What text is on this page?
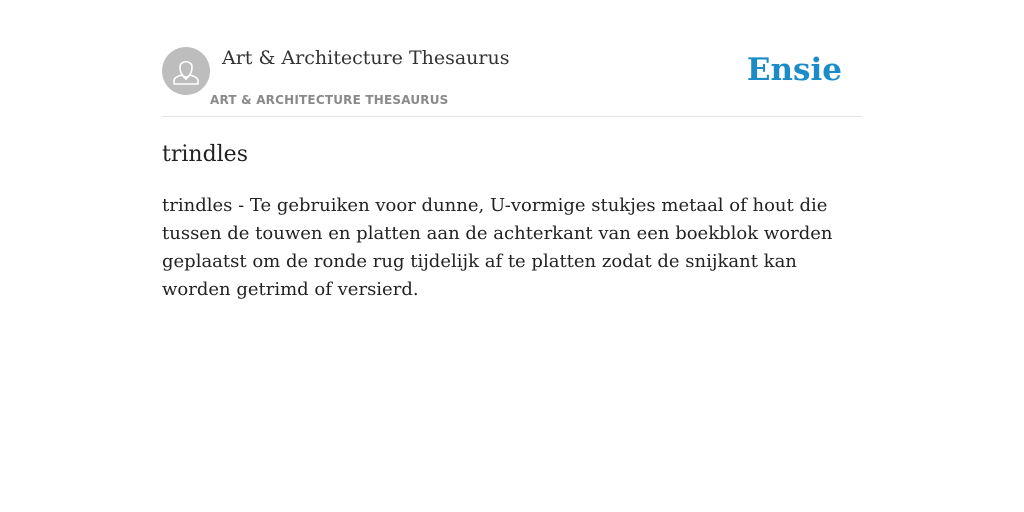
Art & Architecture Thesaurus
ART & ARCHITECTURE THESAURUS
Ensie
trindles

trindles - Te gebruiken voor dunne, U-vormige stukjes metaal of hout die tussen de touwen en platten aan de achterkant van een boekblok worden geplaatst om de ronde rug tijdelijk af te platten zodat de snijkant kan worden getrimd of versierd.
